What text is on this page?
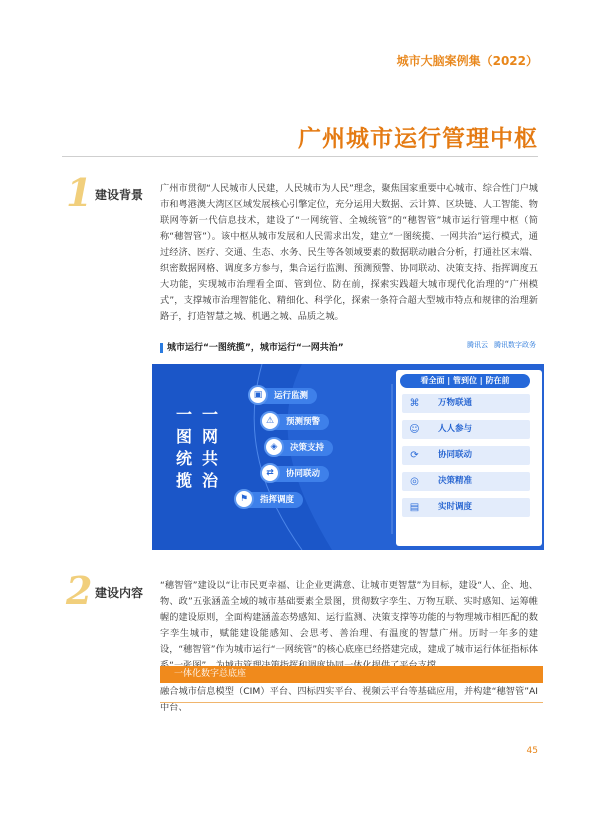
城市大脑案例集（2022）
广州城市运行管理中枢
1 建设背景 广州市贯彻“人民城市人民建，人民城市为人民”理念，聚焦国家重要中心城市、综合性门户城市和粤港澳大湾区区域发展核心引擎定位，充分运用大数据、云计算、区块链、人工智能、物联网等新一代信息技术，建设了“一网统管、全城统管”的“穗智管”城市运行管理中枢（简称“穗智管”）。该中枢从城市发展和人民需求出发，建立“一图统揽、一网共治”运行模式，通过经济、医疗、交通、生态、水务、民生等各领域要素的数据联动融合分析，打通社区末端、织密数据网格、调度多方参与，集合运行监测、预测预警、协同联动、决策支持、指挥调度五大功能，实现城市治理看全面、管到位、防在前，探索实践超大城市现代化治理的“广州模式”，支撑城市治理智能化、精细化、科学化，探索一条符合超大型城市特点和规律的治理新路子，打造智慧之城、机遇之城、品质之城。

城市运行“一图统揽”，城市运行“一网共治”	腾讯云 腾讯数字政务
一
图
统
揽
一
网
共
治
▣	运行监测
⚠	预测预警
◈	决策支持
⇄	协同联动
⚑	指挥调度
看全面 | 管到位 | 防在前
⌘ 万物联通
☺ 人人参与
⟳ 协同联动
◎ 决策精准
▤ 实时调度
2 建设内容

“穗智管”建设以“让市民更幸福、让企业更满意、让城市更智慧”为目标，建设“人、企、地、物、政”五张涵盖全域的城市基础要素全景图，贯彻数字孪生、万物互联、实时感知、运筹帷幄的建设原则，全面构建涵盖态势感知、运行监测、决策支撑等功能的与物理城市相匹配的数字孪生城市，赋能建设能感知、会思考、善治理、有温度的智慧广州。历时一年多的建设，“穗智管”作为城市运行“一网统管”的核心底座已经搭建完成，建成了城市运行体征指标体

一体化数字总底座

融合城市信息模型（CIM）平台、四标四实平台、视频云平台等基础应用，并构建“穗智管”AI 中台、

45
